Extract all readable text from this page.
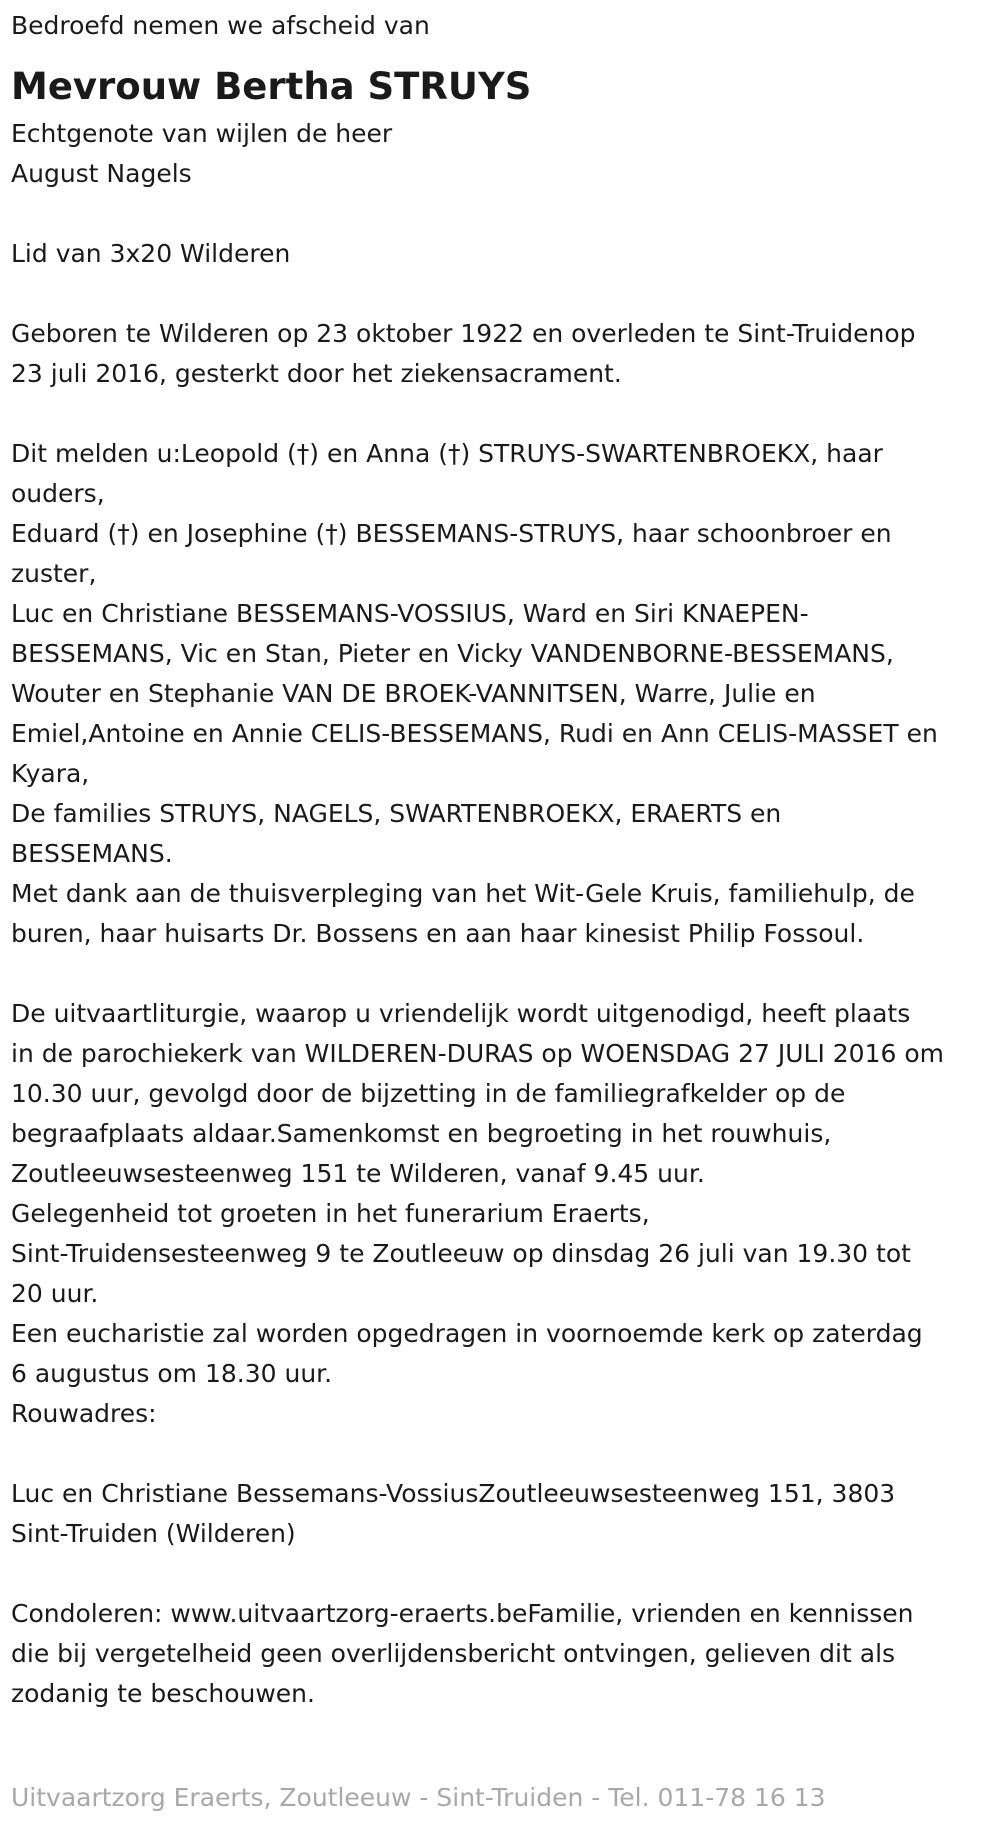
Bedroefd nemen we afscheid van
Mevrouw Bertha STRUYS
Echtgenote van wijlen de heer
August Nagels
Lid van 3x20 Wilderen
Geboren te Wilderen op 23 oktober 1922 en overleden te Sint-Truidenop
23 juli 2016, gesterkt door het ziekensacrament.
Dit melden u:Leopold (†) en Anna (†) STRUYS-SWARTENBROEKX, haar
ouders,
Eduard (†) en Josephine (†) BESSEMANS-STRUYS, haar schoonbroer en
zuster,
Luc en Christiane BESSEMANS-VOSSIUS, Ward en Siri KNAEPEN-
BESSEMANS, Vic en Stan, Pieter en Vicky VANDENBORNE-BESSEMANS,
Wouter en Stephanie VAN DE BROEK-VANNITSEN, Warre, Julie en
Emiel,Antoine en Annie CELIS-BESSEMANS, Rudi en Ann CELIS-MASSET en
Kyara,
De families STRUYS, NAGELS, SWARTENBROEKX, ERAERTS en
BESSEMANS.
Met dank aan de thuisverpleging van het Wit-Gele Kruis, familiehulp, de
buren, haar huisarts Dr. Bossens en aan haar kinesist Philip Fossoul.
De uitvaartliturgie, waarop u vriendelijk wordt uitgenodigd, heeft plaats
in de parochiekerk van WILDEREN-DURAS op WOENSDAG 27 JULI 2016 om
10.30 uur, gevolgd door de bijzetting in de familiegrafkelder op de
begraafplaats aldaar.Samenkomst en begroeting in het rouwhuis,
Zoutleeuwsesteenweg 151 te Wilderen, vanaf 9.45 uur.
Gelegenheid tot groeten in het funerarium Eraerts,
Sint-Truidensesteenweg 9 te Zoutleeuw op dinsdag 26 juli van 19.30 tot
20 uur.
Een eucharistie zal worden opgedragen in voornoemde kerk op zaterdag
6 augustus om 18.30 uur.
Rouwadres:
Luc en Christiane Bessemans-VossiusZoutleeuwsesteenweg 151, 3803
Sint-Truiden (Wilderen)
Condoleren: www.uitvaartzorg-eraerts.beFamilie, vrienden en kennissen
die bij vergetelheid geen overlijdensbericht ontvingen, gelieven dit als
zodanig te beschouwen.
Uitvaartzorg Eraerts, Zoutleeuw - Sint-Truiden - Tel. 011-78 16 13
